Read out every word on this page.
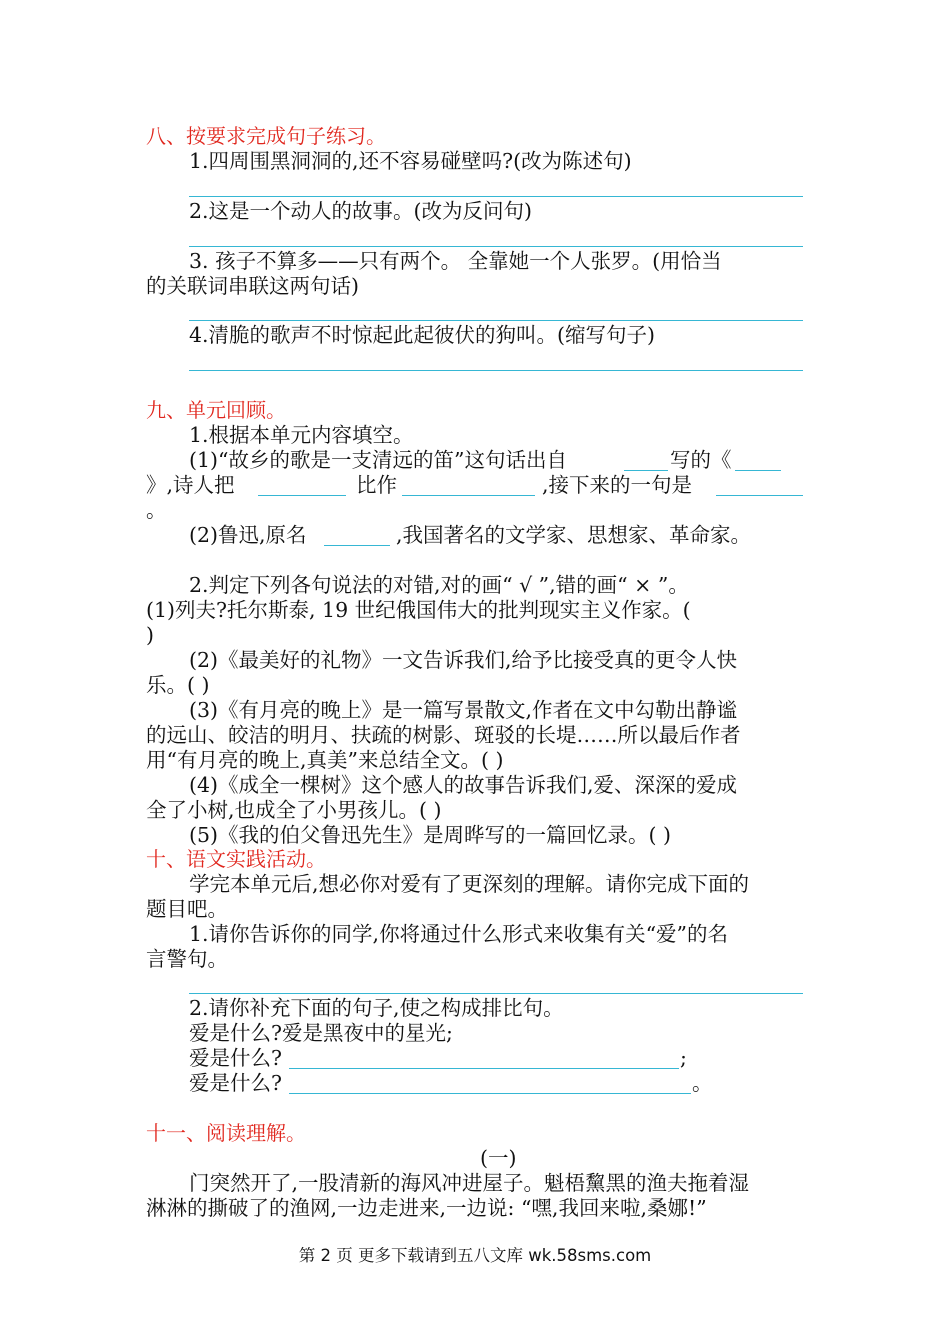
八、按要求完成句子练习。
1.四周围黑洞洞的,还不容易碰壁吗?(改为陈述句)
2.这是一个动人的故事。(改为反问句)
3. 孩子不算多——只有两个。 全靠她一个人张罗。(用恰当
的关联词串联这两句话)
4.清脆的歌声不时惊起此起彼伏的狗叫。(缩写句子)
九、单元回顾。
1.根据本单元内容填空。
(1)“故乡的歌是一支清远的笛”这句话出自	写的《
》,诗人把	比作	,接下来的一句是
。
(2)鲁迅,原名	,我国著名的文学家、思想家、革命家。
2.判定下列各句说法的对错,对的画“ √ ”,错的画“ × ”。
(1)列夫?托尔斯泰, 19 世纪俄国伟大的批判现实主义作家。(
)
(2)《最美好的礼物》一文告诉我们,给予比接受真的更令人快
乐。( )
(3)《有月亮的晚上》是一篇写景散文,作者在文中勾勒出静谧
的远山、皎洁的明月、扶疏的树影、斑驳的长堤……所以最后作者
用“有月亮的晚上,真美”来总结全文。( )
(4)《成全一棵树》这个感人的故事告诉我们,爱、深深的爱成
全了小树,也成全了小男孩儿。( )
(5)《我的伯父鲁迅先生》是周晔写的一篇回忆录。( )
十、语文实践活动。
学完本单元后,想必你对爱有了更深刻的理解。请你完成下面的
题目吧。
1.请你告诉你的同学,你将通过什么形式来收集有关“爱”的名
言警句。
2.请你补充下面的句子,使之构成排比句。
爱是什么?爱是黑夜中的星光;
爱是什么?	;
爱是什么?	。
十一、阅读理解。
(一)
门突然开了,一股清新的海风冲进屋子。魁梧黧黑的渔夫拖着湿
淋淋的撕破了的渔网,一边走进来,一边说: “嘿,我回来啦,桑娜!”
第 2 页 更多下载请到五八文库 wk.58sms.com
